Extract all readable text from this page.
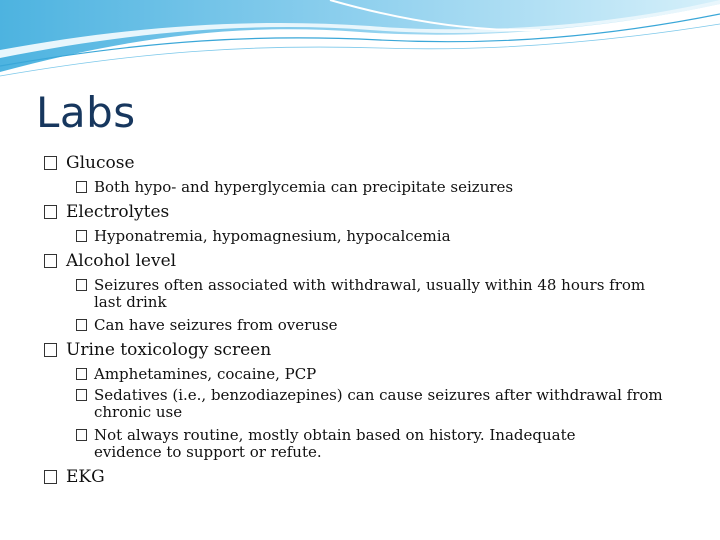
Labs
Glucose
Both hypo- and hyperglycemia can precipitate seizures
Electrolytes
Hyponatremia, hypomagnesium, hypocalcemia
Alcohol level
Seizures often associated with withdrawal, usually within 48 hours from last drink
Can have seizures from overuse
Urine toxicology screen
Amphetamines, cocaine, PCP
Sedatives (i.e., benzodiazepines) can cause seizures after withdrawal from chronic use
Not always routine, mostly obtain based on history. Inadequate evidence to support or refute.
EKG
